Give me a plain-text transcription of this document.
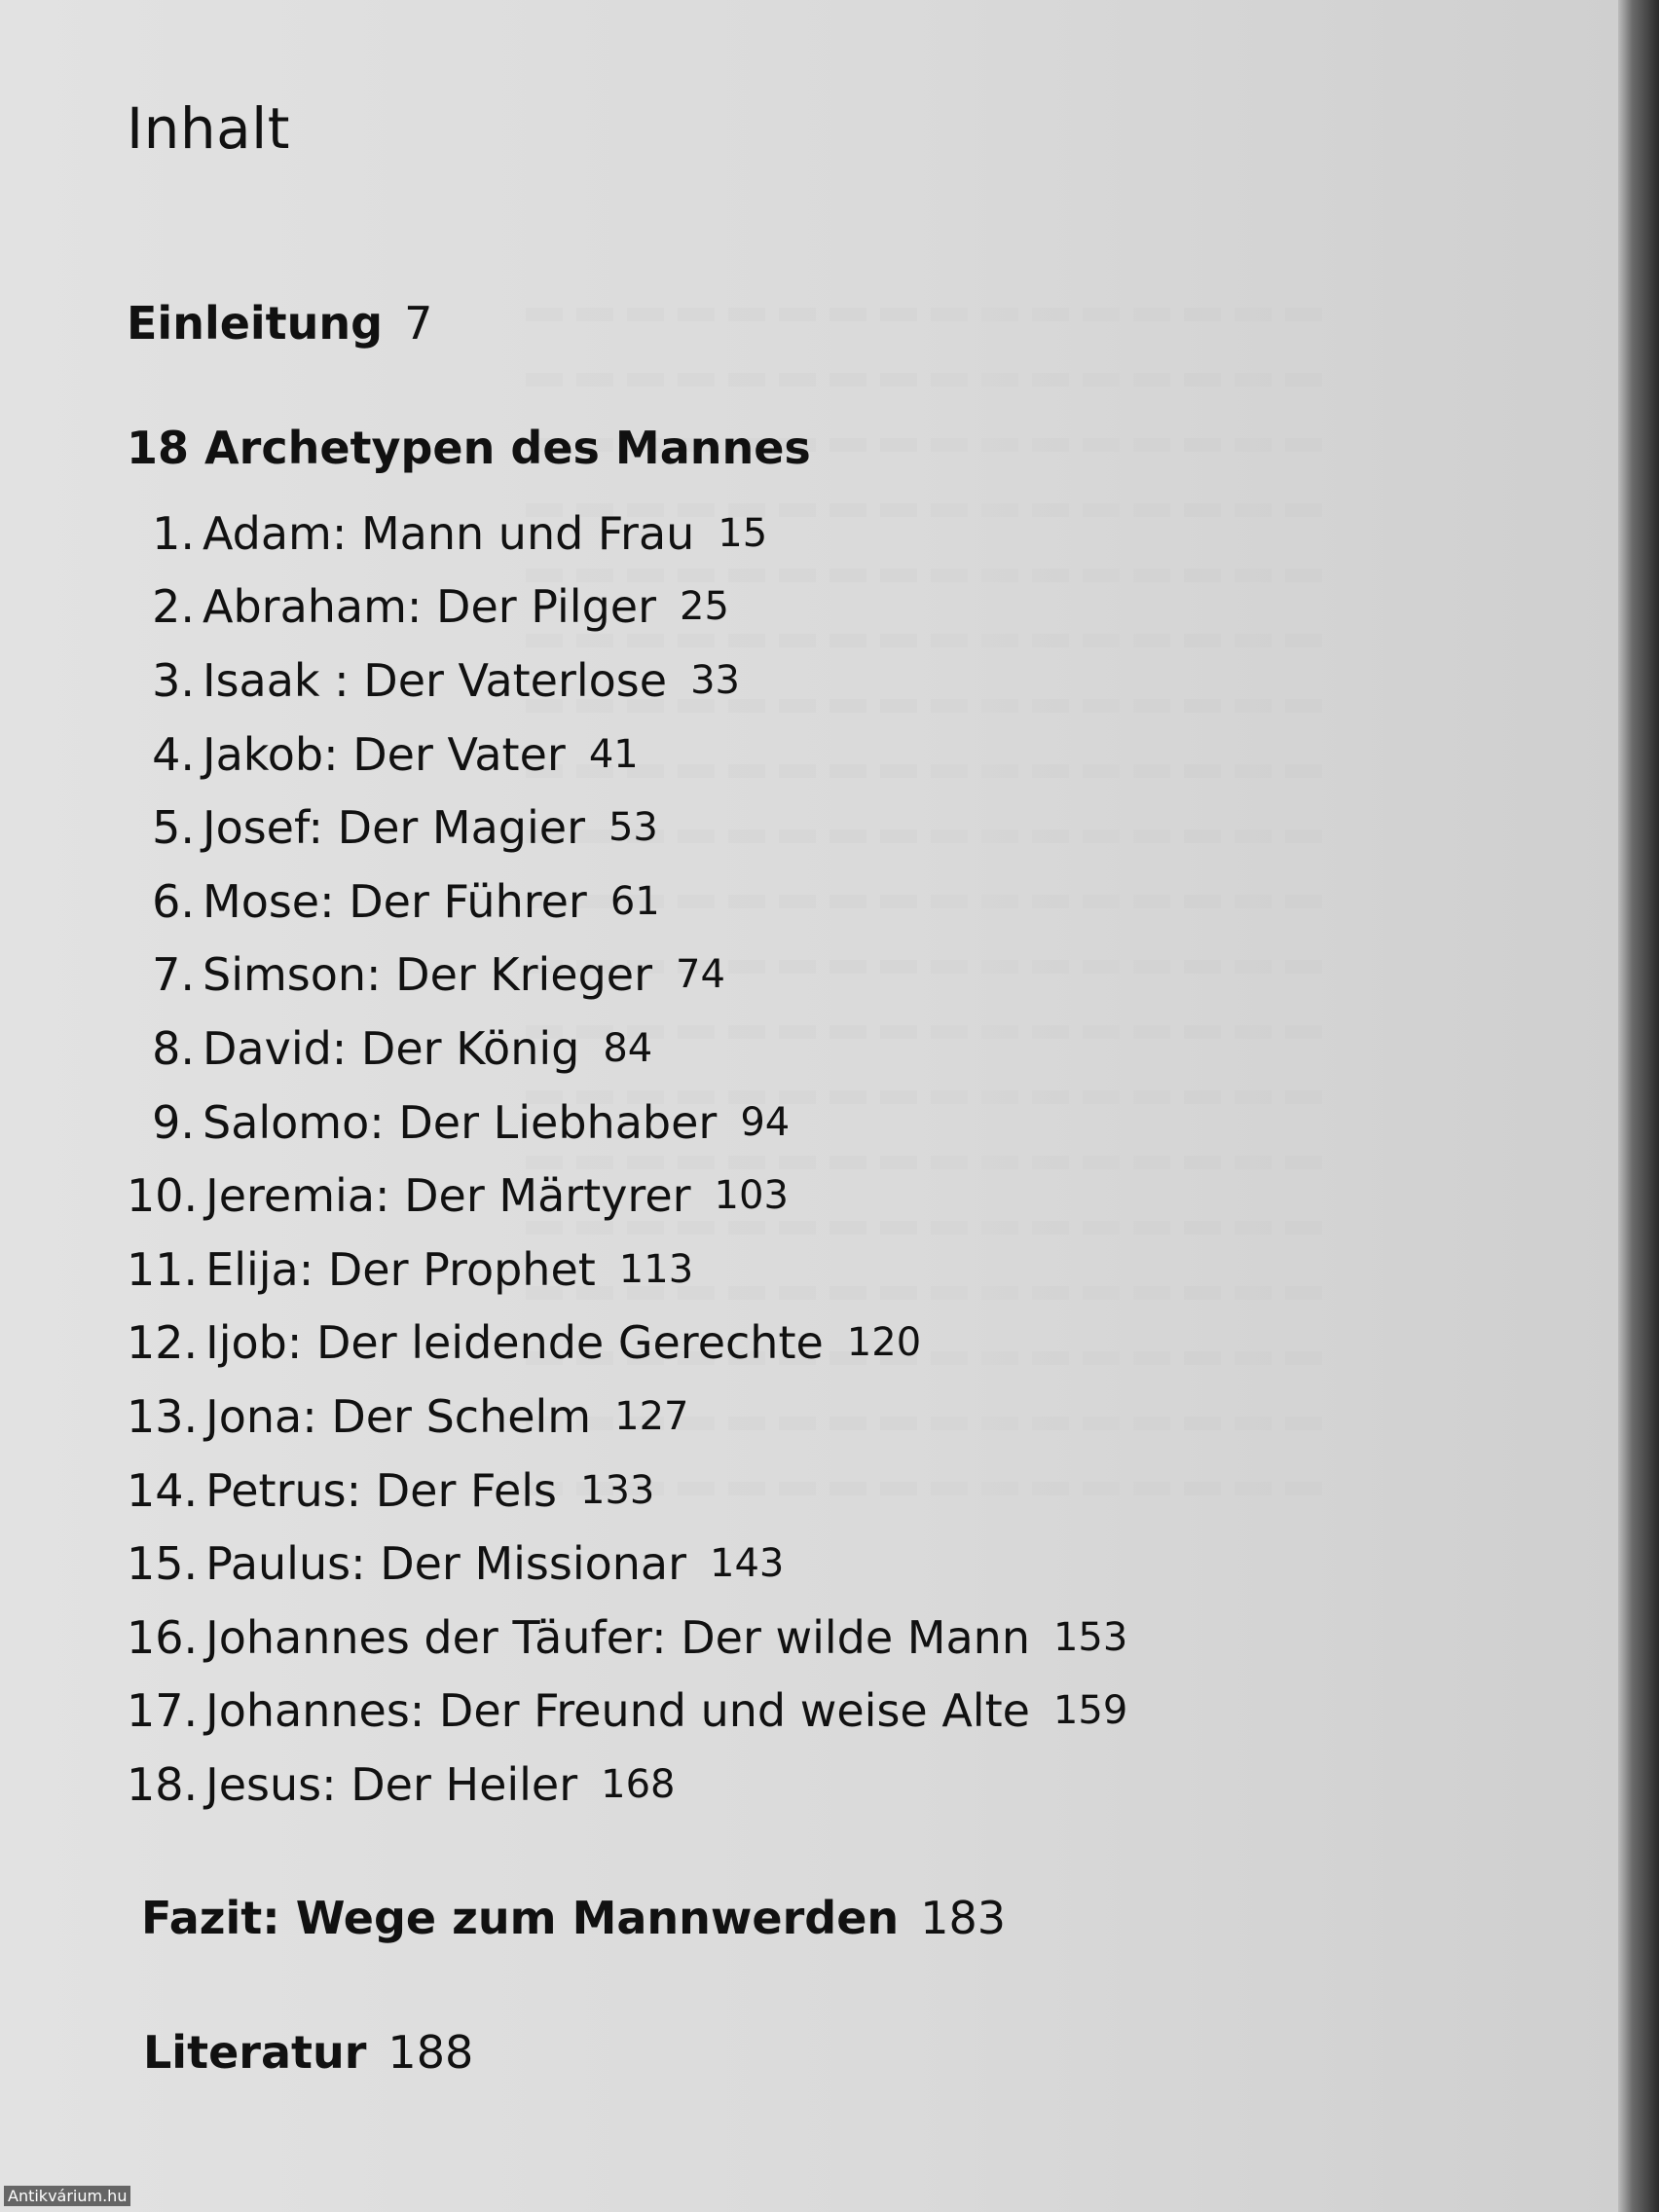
Inhalt
Einleitung 7
18 Archetypen des Mannes
1. Adam: Mann und Frau 15
2. Abraham: Der Pilger 25
3. Isaak : Der Vaterlose 33
4. Jakob: Der Vater 41
5. Josef: Der Magier 53
6. Mose: Der Führer 61
7. Simson: Der Krieger 74
8. David: Der König 84
9. Salomo: Der Liebhaber 94
10. Jeremia: Der Märtyrer 103
11. Elija: Der Prophet 113
12. Ijob: Der leidende Gerechte 120
13. Jona: Der Schelm 127
14. Petrus: Der Fels 133
15. Paulus: Der Missionar 143
16. Johannes der Täufer: Der wilde Mann 153
17. Johannes: Der Freund und weise Alte 159
18. Jesus: Der Heiler 168
Fazit: Wege zum Mannwerden 183
Literatur 188
Antikvárium.hu
